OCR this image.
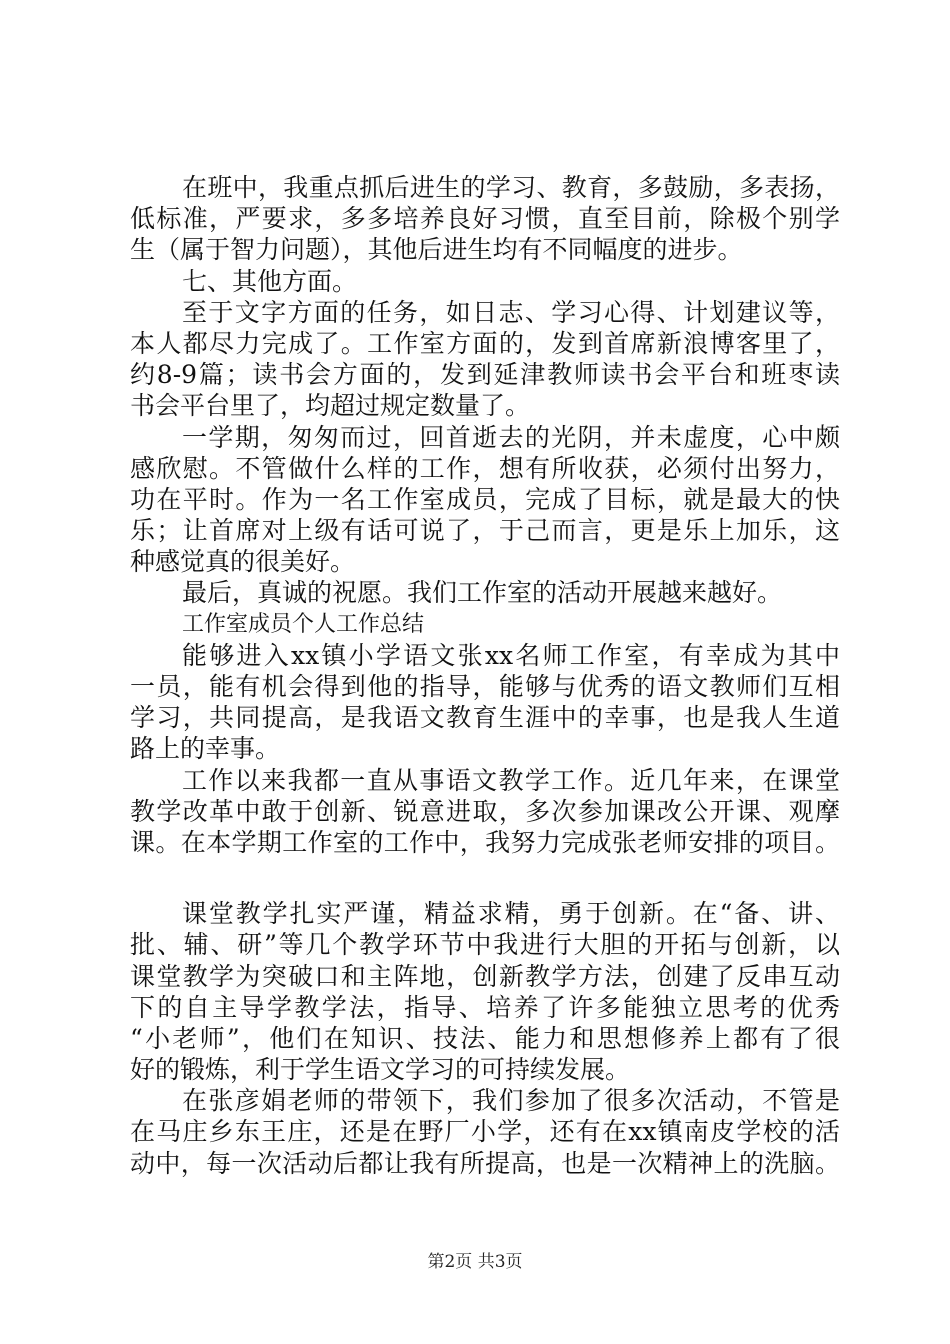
在班中，我重点抓后进生的学习、教育，多鼓励，多表扬，
低标准，严要求，多多培养良好习惯，直至目前，除极个别学
生（属于智力问题），其他后进生均有不同幅度的进步。
七、其他方面。
至于文字方面的任务，如日志、学习心得、计划建议等，
本人都尽力完成了。工作室方面的，发到首席新浪博客里了，
约8-9篇；读书会方面的，发到延津教师读书会平台和班枣读
书会平台里了，均超过规定数量了。
一学期，匆匆而过，回首逝去的光阴，并未虚度，心中颇
感欣慰。不管做什么样的工作，想有所收获，必须付出努力，
功在平时。作为一名工作室成员，完成了目标，就是最大的快
乐；让首席对上级有话可说了，于己而言，更是乐上加乐，这
种感觉真的很美好。
最后，真诚的祝愿。我们工作室的活动开展越来越好。
工作室成员个人工作总结
能够进入xx镇小学语文张xx名师工作室，有幸成为其中
一员，能有机会得到他的指导，能够与优秀的语文教师们互相
学习，共同提高，是我语文教育生涯中的幸事，也是我人生道
路上的幸事。
工作以来我都一直从事语文教学工作。近几年来，在课堂
教学改革中敢于创新、锐意进取，多次参加课改公开课、观摩
课。在本学期工作室的工作中，我努力完成张老师安排的项目。
课堂教学扎实严谨，精益求精，勇于创新。在“备、讲、
批、辅、研”等几个教学环节中我进行大胆的开拓与创新，以
课堂教学为突破口和主阵地，创新教学方法，创建了反串互动
下的自主导学教学法，指导、培养了许多能独立思考的优秀
“小老师”，他们在知识、技法、能力和思想修养上都有了很
好的锻炼，利于学生语文学习的可持续发展。
在张彦娟老师的带领下，我们参加了很多次活动，不管是
在马庄乡东王庄，还是在野厂小学，还有在xx镇南皮学校的活
动中，每一次活动后都让我有所提高，也是一次精神上的洗脑。
第2页 共3页
